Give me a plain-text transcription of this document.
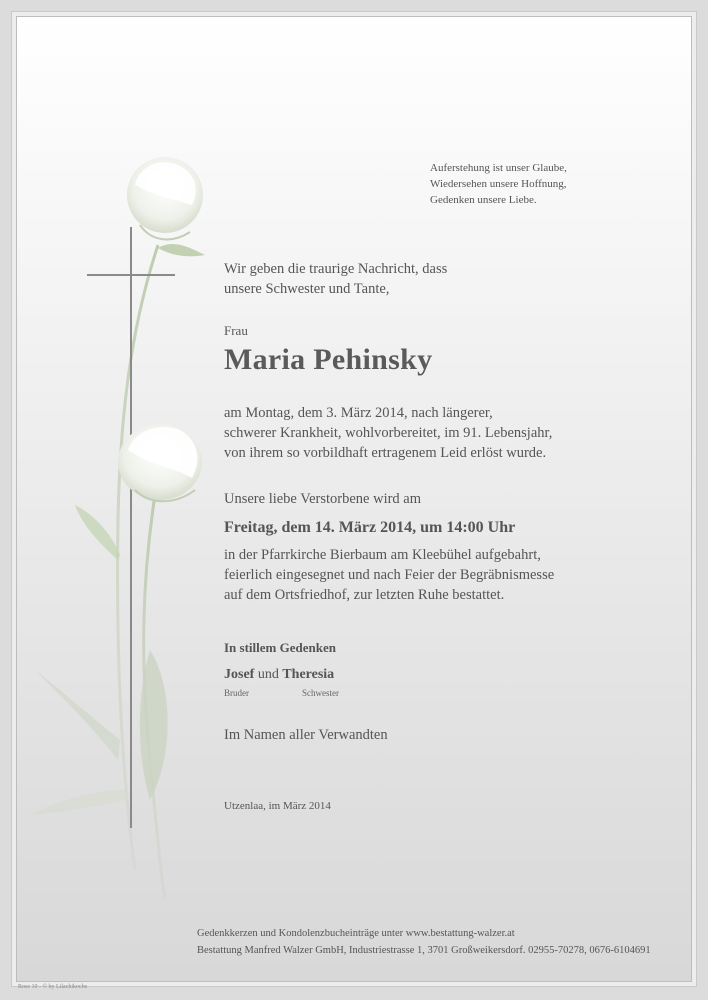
Auferstehung ist unser Glaube,
Wiedersehen unsere Hoffnung,
Gedenken unsere Liebe.
Wir geben die traurige Nachricht, dass
unsere Schwester und Tante,
Frau
Maria Pehinsky
am Montag, dem 3. März 2014, nach längerer,
schwerer Krankheit, wohlvorbereitet, im 91. Lebensjahr,
von ihrem so vorbildhaft ertragenem Leid erlöst wurde.
Unsere liebe Verstorbene wird am
Freitag, dem 14. März 2014, um 14:00 Uhr
in der Pfarrkirche Bierbaum am Kleebühel aufgebahrt,
feierlich eingesegnet und nach Feier der Begräbnismesse
auf dem Ortsfriedhof, zur letzten Ruhe bestattet.
In stillem Gedenken
Josef und Theresia
Bruder	Schwester
Im Namen aller Verwandten
Utzenlaa, im März 2014
Gedenkkerzen und Kondolenzbucheinträge unter www.bestattung-walzer.at
Bestattung Manfred Walzer GmbH, Industriestrasse 1, 3701 Großweikersdorf. 02955-70278, 0676-6104691
Rose 10 - © by Lilachikochs
